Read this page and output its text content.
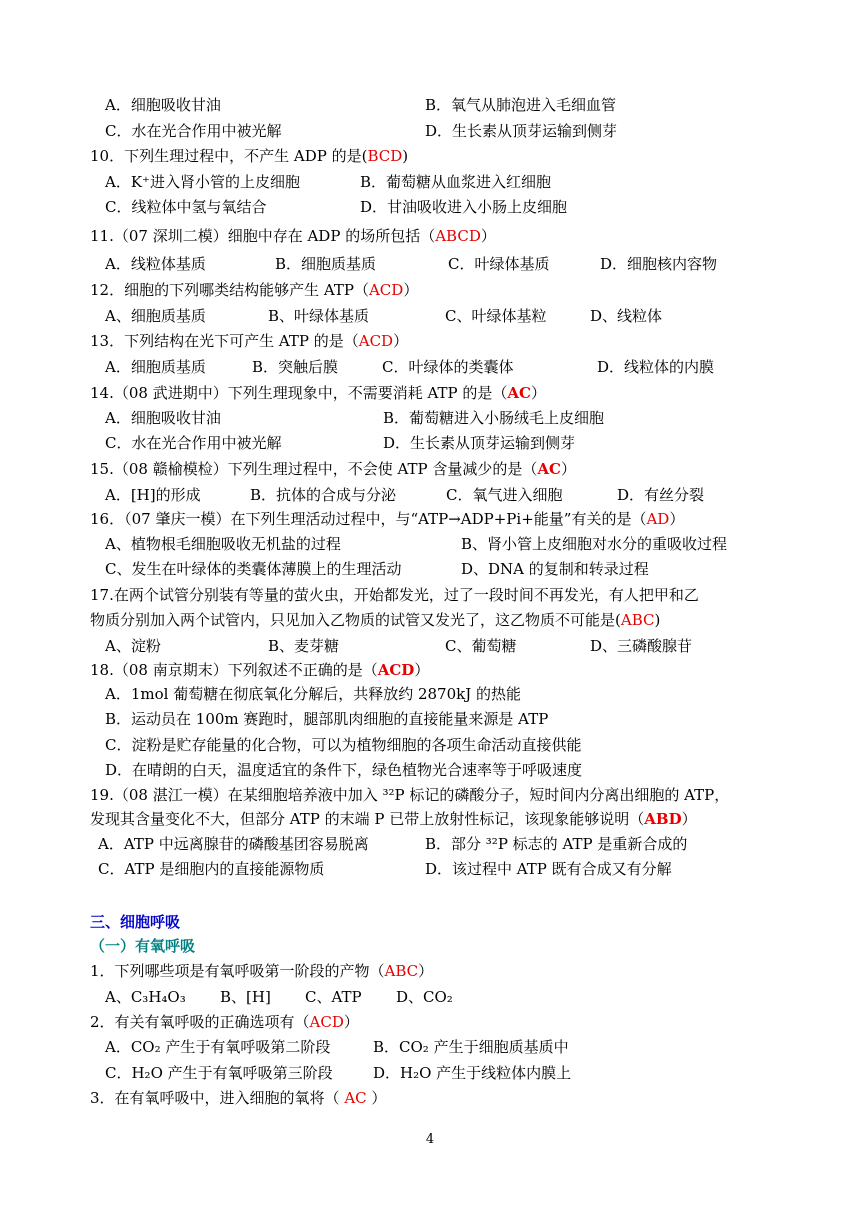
A．细胞吸收甘油	B．氧气从肺泡进入毛细血管
C．水在光合作用中被光解	D．生长素从顶芽运输到侧芽
10．下列生理过程中，不产生 ADP 的是(BCD)
A．K⁺进入肾小管的上皮细胞	B．葡萄糖从血浆进入红细胞
C．线粒体中氢与氧结合	D．甘油吸收进入小肠上皮细胞
11.（07 深圳二模）细胞中存在 ADP 的场所包括（ABCD）
A．线粒体基质	B．细胞质基质	C．叶绿体基质	D．细胞核内容物
12．细胞的下列哪类结构能够产生 ATP（ACD）
A、细胞质基质	B、叶绿体基质	C、叶绿体基粒	D、线粒体
13．下列结构在光下可产生 ATP 的是（ACD）
A．细胞质基质	B．突触后膜	C．叶绿体的类囊体	D．线粒体的内膜
14.（08 武进期中）下列生理现象中，不需要消耗 ATP 的是（AC）
A．细胞吸收甘油	B．葡萄糖进入小肠绒毛上皮细胞
C．水在光合作用中被光解	D．生长素从顶芽运输到侧芽
15.（08 赣榆模检）下列生理过程中，不会使 ATP 含量减少的是（AC）
A．[H]的形成	B．抗体的合成与分泌	C．氧气进入细胞	D．有丝分裂
16．（07 肇庆一模）在下列生理活动过程中，与“ATP→ADP+Pi+能量”有关的是（AD）
A、植物根毛细胞吸收无机盐的过程	B、肾小管上皮细胞对水分的重吸收过程
C、发生在叶绿体的类囊体薄膜上的生理活动	D、DNA 的复制和转录过程
17.在两个试管分别装有等量的萤火虫，开始都发光，过了一段时间不再发光，有人把甲和乙
物质分别加入两个试管内，只见加入乙物质的试管又发光了，这乙物质不可能是(ABC)
A、淀粉	B、麦芽糖	C、葡萄糖	D、三磷酸腺苷
18.（08 南京期末）下列叙述不正确的是（ACD）
A．1mol 葡萄糖在彻底氧化分解后，共释放约 2870kJ 的热能
B．运动员在 100m 赛跑时，腿部肌肉细胞的直接能量来源是 ATP
C．淀粉是贮存能量的化合物，可以为植物细胞的各项生命活动直接供能
D．在晴朗的白天，温度适宜的条件下，绿色植物光合速率等于呼吸速度
19.（08 湛江一模）在某细胞培养液中加入 ³²P 标记的磷酸分子，短时间内分离出细胞的 ATP，
发现其含量变化不大，但部分 ATP 的末端 P 已带上放射性标记，该现象能够说明（ABD）
A．ATP 中远离腺苷的磷酸基团容易脱离	B．部分 ³²P 标志的 ATP 是重新合成的
C．ATP 是细胞内的直接能源物质	D．该过程中 ATP 既有合成又有分解
三、细胞呼吸
（一）有氧呼吸
1．下列哪些项是有氧呼吸第一阶段的产物（ABC）
A、C₃H₄O₃ B、[H] C、ATP D、CO₂
2．有关有氧呼吸的正确选项有（ACD）
A．CO₂ 产生于有氧呼吸第二阶段	B．CO₂ 产生于细胞质基质中
C．H₂O 产生于有氧呼吸第三阶段	D．H₂O 产生于线粒体内膜上
3．在有氧呼吸中，进入细胞的氧将（ AC ）
4
